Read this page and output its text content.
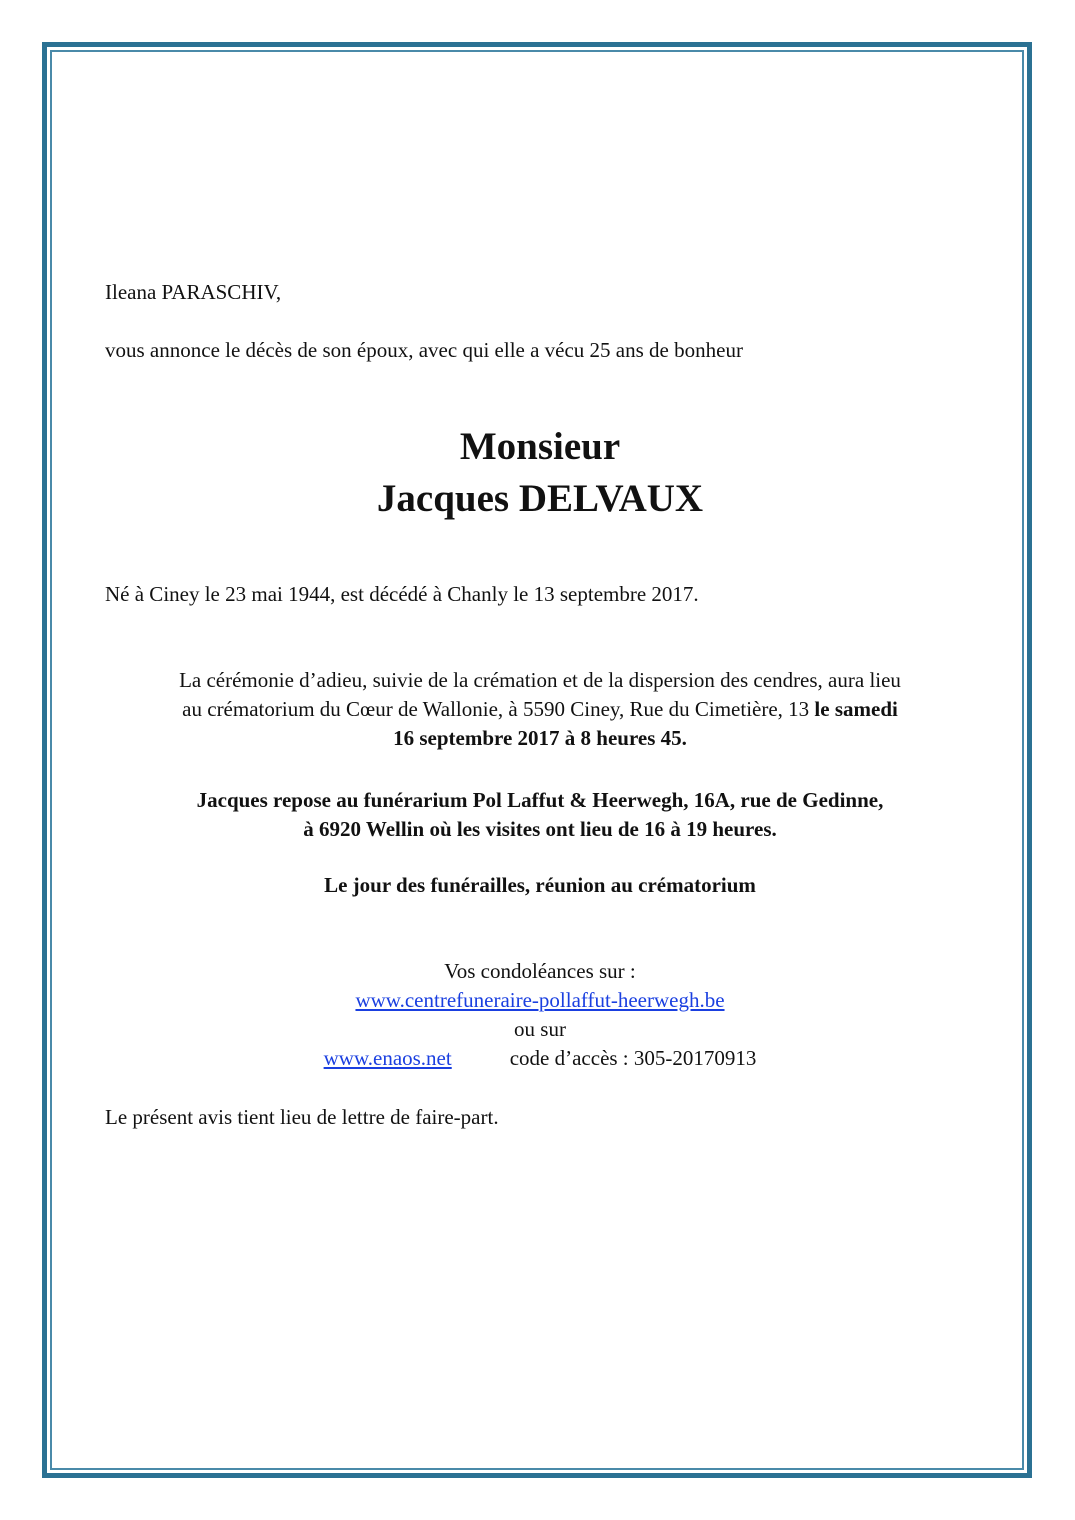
Ileana PARASCHIV,

vous annonce le décès de son époux, avec qui elle a vécu 25 ans de bonheur

Monsieur
Jacques DELVAUX

Né à Ciney le 23 mai 1944, est décédé à Chanly le 13 septembre 2017.

La cérémonie d’adieu, suivie de la crémation et de la dispersion des cendres, aura lieu
au crématorium du Cœur de Wallonie, à 5590 Ciney, Rue du Cimetière, 13 le samedi
16 septembre 2017 à 8 heures 45.
Jacques repose au funérarium Pol Laffut & Heerwegh, 16A, rue de Gedinne,
à 6920 Wellin où les visites ont lieu de 16 à 19 heures.

Le jour des funérailles, réunion au crématorium

Vos condoléances sur :
www.centrefuneraire-pollaffut-heerwegh.be
ou sur
www.enaos.net	code d’accès : 305-20170913

Le présent avis tient lieu de lettre de faire-part.
